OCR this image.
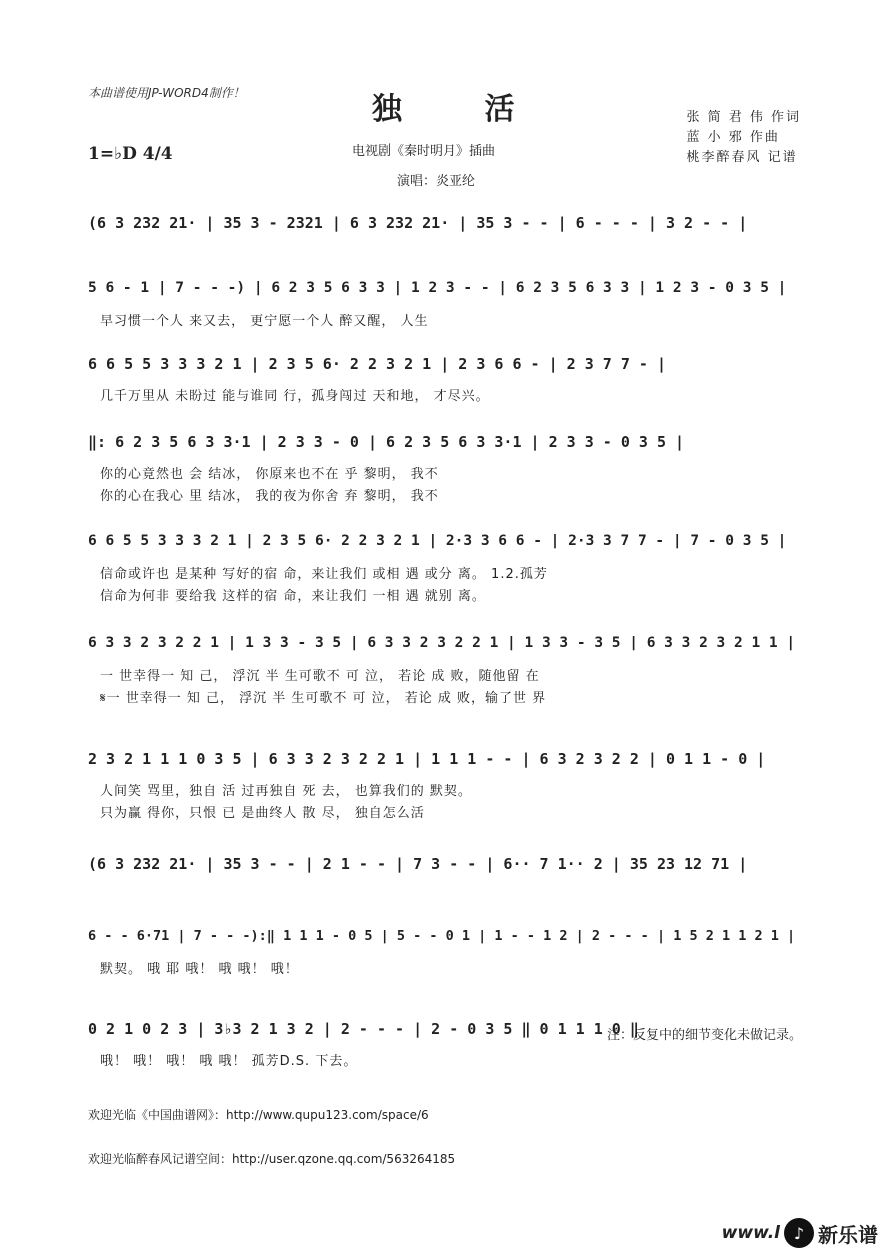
本曲谱使用JP-WORD4制作！	独 活
电视剧《秦时明月》插曲
演唱：炎亚纶
1=♭D 4/4
张 简 君 伟 作词
蓝 小 邪 作曲
桃李醉春风 记谱
(6 3 232 21· | 35 3 - 2321 | 6 3 232 21· | 35 3 - - | 6 - - - | 3 2 - - |
5 6 - 1 | 7 - - -) | 6 2 3 5 6 3 3 | 1 2 3 - - | 6 2 3 5 6 3 3 | 1 2 3 - 0 3 5 |
早习惯一个人 来又去， 更宁愿一个人 醉又醒， 人生
6 6 5 5 3 3 3 2 1 | 2 3 5 6· 2 2 3 2 1 | 2 3 6 6 - | 2 3 7 7 - |
几千万里从 未盼过 能与谁同 行，孤身闯过 天和地， 才尽兴。
‖: 6 2 3 5 6 3 3·1 | 2 3 3 - 0 | 6 2 3 5 6 3 3·1 | 2 3 3 - 0 3 5 |
你的心竟然也 会 结冰， 你原来也不在 乎 黎明， 我不
你的心在我心 里 结冰， 我的夜为你舍 弃 黎明， 我不
6 6 5 5 3 3 3 2 1 | 2 3 5 6· 2 2 3 2 1 | 2·3 3 6 6 - | 2·3 3 7 7 - | 7 - 0 3 5 |
信命或许也 是某种 写好的宿 命，来让我们 或相 遇 或分 离。 1.2.孤芳
信命为何非 要给我 这样的宿 命，来让我们 一相 遇 就别 离。
6 3 3 2 3 2 2 1 | 1 3 3 - 3 5 | 6 3 3 2 3 2 2 1 | 1 3 3 - 3 5 | 6 3 3 2 3 2 1 1 |
一 世幸得一 知 己， 浮沉 半 生可歌不 可 泣， 若论 成 败，随他留 在
𝄋一 世幸得一 知 己， 浮沉 半 生可歌不 可 泣， 若论 成 败，输了世 界
2 3 2 1 1 1 0 3 5 | 6 3 3 2 3 2 2 1 | 1 1 1 - - | 6 3 2 3 2 2 | 0 1 1 - 0 |
人间笑 骂里，独自 活 过再独自 死 去， 也算我们的 默契。
只为赢 得你，只恨 已 是曲终人 散 尽， 独自怎么活
(6 3 232 21· | 35 3 - - | 2 1 - - | 7 3 - - | 6·· 7 1·· 2 | 35 23 12 71 |
6 - - 6·71 | 7 - - -):‖ 1 1 1 - 0 5 | 5 - - 0 1 | 1 - - 1 2 | 2 - - - | 1 5 2 1 1 2 1 |
默契。 哦 耶 哦！ 哦 哦！ 哦！
0 2 1 0 2 3 | 3♭3 2 1 3 2 | 2 - - - | 2 - 0 3 5 ‖ 0 1 1 1 0 ‖
哦！ 哦！ 哦！ 哦 哦！ 孤芳D.S. 下去。
注：反复中的细节变化未做记录。
欢迎光临《中国曲谱网》：http://www.qupu123.com/space/6
欢迎光临醉春风记谱空间：http://user.qzone.qq.com/563264185
www.l ♪ 新乐谱
